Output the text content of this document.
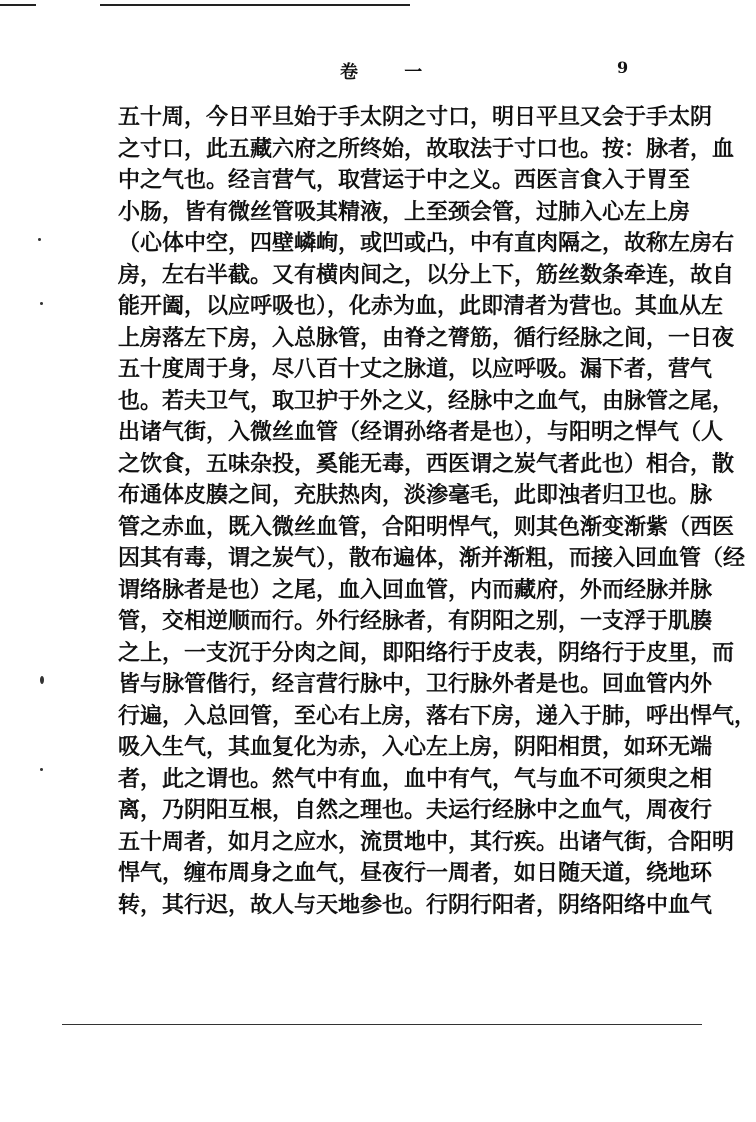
卷 一	9
五十周，今日平旦始于手太阴之寸口，明日平旦又会于手太阴
之寸口，此五藏六府之所终始，故取法于寸口也。按：脉者，血
中之气也。经言营气，取营运于中之义。西医言食入于胃至
小肠，皆有微丝管吸其精液，上至颈会管，过肺入心左上房
（心体中空，四壁嶙峋，或凹或凸，中有直肉隔之，故称左房右
房，左右半截。又有横肉间之，以分上下，筋丝数条牵连，故自
能开阖，以应呼吸也），化赤为血，此即清者为营也。其血从左
上房落左下房，入总脉管，由脊之膂筋，循行经脉之间，一日夜
五十度周于身，尽八百十丈之脉道，以应呼吸。漏下者，营气
也。若夫卫气，取卫护于外之义，经脉中之血气，由脉管之尾，
出诸气街，入微丝血管（经谓孙络者是也），与阳明之悍气（人
之饮食，五味杂投，奚能无毒，西医谓之炭气者此也）相合，散
布通体皮腠之间，充肤热肉，淡渗毫毛，此即浊者归卫也。脉
管之赤血，既入微丝血管，合阳明悍气，则其色渐变渐紫（西医
因其有毒，谓之炭气），散布遍体，渐并渐粗，而接入回血管（经
谓络脉者是也）之尾，血入回血管，内而藏府，外而经脉并脉
管，交相逆顺而行。外行经脉者，有阴阳之别，一支浮于肌腠
之上，一支沉于分肉之间，即阳络行于皮表，阴络行于皮里，而
皆与脉管偕行，经言营行脉中，卫行脉外者是也。回血管内外
行遍，入总回管，至心右上房，落右下房，递入于肺，呼出悍气，
吸入生气，其血复化为赤，入心左上房，阴阳相贯，如环无端
者，此之谓也。然气中有血，血中有气，气与血不可须臾之相
离，乃阴阳互根，自然之理也。夫运行经脉中之血气，周夜行
五十周者，如月之应水，流贯地中，其行疾。出诸气街，合阳明
悍气，缠布周身之血气，昼夜行一周者，如日随天道，绕地环
转，其行迟，故人与天地参也。行阴行阳者，阴络阳络中血气
